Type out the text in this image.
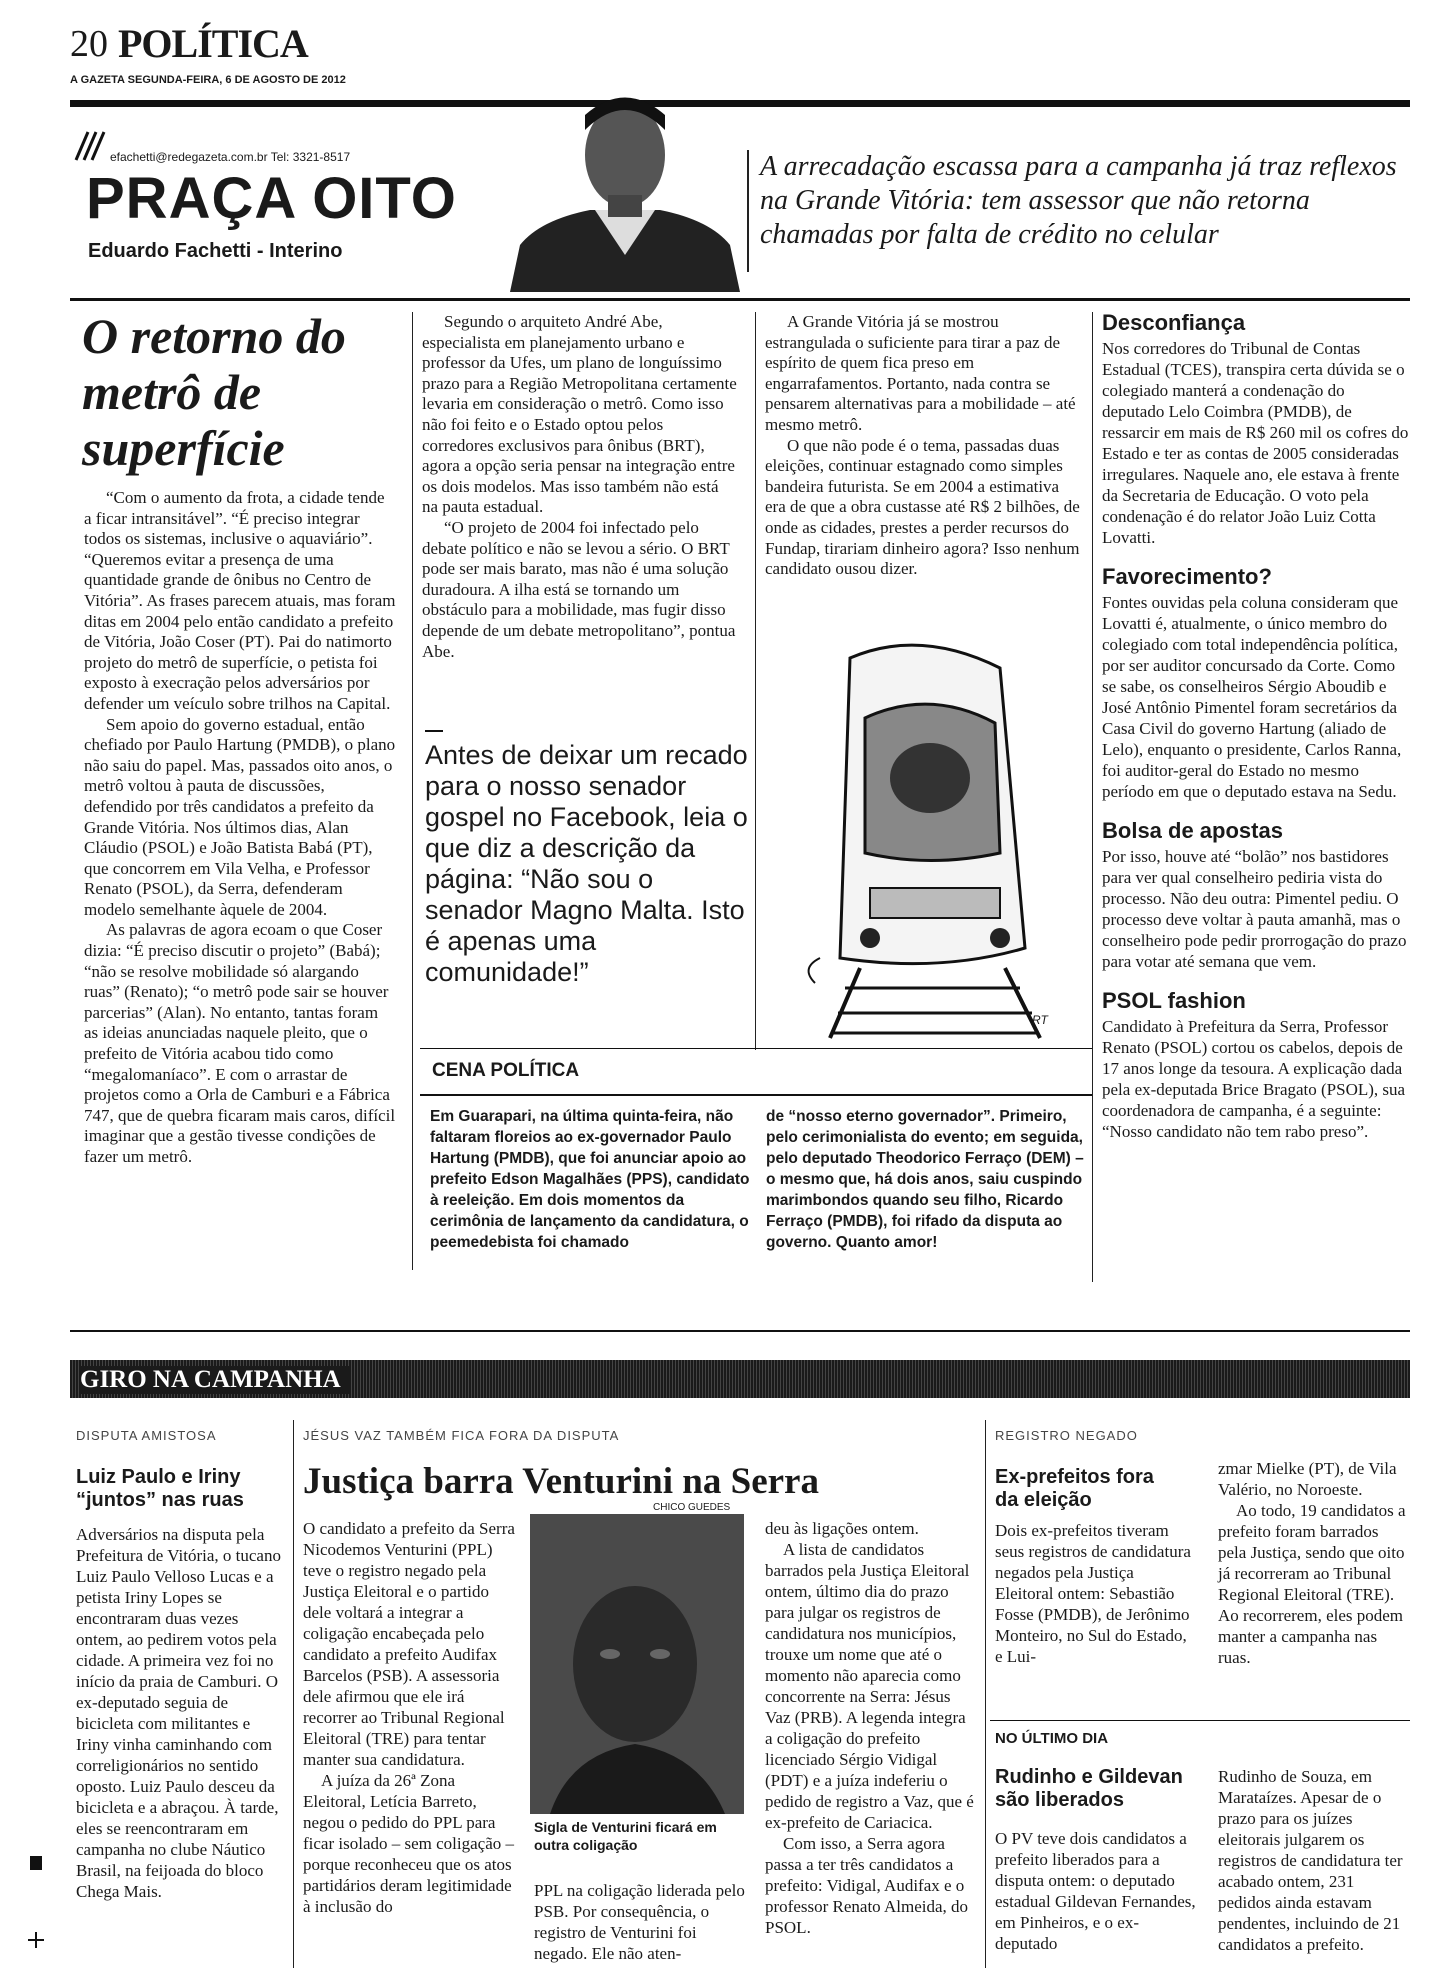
20 POLÍTICA
A GAZETA SEGUNDA-FEIRA, 6 DE AGOSTO DE 2012
efachetti@redegazeta.com.br Tel: 3321-8517
PRAÇA OITO
Eduardo Fachetti - Interino
A arrecadação escassa para a campanha já traz reflexos na Grande Vitória: tem assessor que não retorna chamadas por falta de crédito no celular
O retorno do metrô de superfície

“Com o aumento da frota, a cidade tende a ficar intransitável”. “É preciso integrar todos os sistemas, inclusive o aquaviário”. “Queremos evitar a presença de uma quantidade grande de ônibus no Centro de Vitória”. As frases parecem atuais, mas foram ditas em 2004 pelo então candidato a prefeito de Vitória, João Coser (PT). Pai do natimorto projeto do metrô de superfície, o petista foi exposto à execração pelos adversários por defender um veículo sobre trilhos na Capital.

Sem apoio do governo estadual, então chefiado por Paulo Hartung (PMDB), o plano não saiu do papel. Mas, passados oito anos, o metrô voltou à pauta de discussões, defendido por três candidatos a prefeito da Grande Vitória. Nos últimos dias, Alan Cláudio (PSOL) e João Batista Babá (PT), que concorrem em Vila Velha, e Professor Renato (PSOL), da Serra, defenderam modelo semelhante àquele de 2004.

As palavras de agora ecoam o que Coser dizia: “É preciso discutir o projeto” (Babá); “não se resolve mobilidade só alargando ruas” (Renato); “o metrô pode sair se houver parcerias” (Alan). No entanto, tantas foram as ideias anunciadas naquele pleito, que o prefeito de Vitória acabou tido como “megalomaníaco”. E com o arrastar de projetos como a Orla de Camburi e a Fábrica 747, que de quebra ficaram mais caros, difícil imaginar que a gestão tivesse condições de fazer um metrô.

Segundo o arquiteto André Abe, especialista em planejamento urbano e professor da Ufes, um plano de longuíssimo prazo para a Região Metropolitana certamente levaria em consideração o metrô. Como isso não foi feito e o Estado optou pelos corredores exclusivos para ônibus (BRT), agora a opção seria pensar na integração entre os dois modelos. Mas isso também não está na pauta estadual.

“O projeto de 2004 foi infectado pelo debate político e não se levou a sério. O BRT pode ser mais barato, mas não é uma solução duradoura. A ilha está se tornando um obstáculo para a mobilidade, mas fugir disso depende de um debate metropolitano”, pontua Abe.

Antes de deixar um recado para o nosso senador gospel no Facebook, leia o que diz a descrição da página: “Não sou o senador Magno Malta. Isto é apenas uma comunidade!”

A Grande Vitória já se mostrou estrangulada o suficiente para tirar a paz de espírito de quem fica preso em engarrafamentos. Portanto, nada contra se pensarem alternativas para a mobilidade – até mesmo metrô.

O que não pode é o tema, passadas duas eleições, continuar estagnado como simples bandeira futurista. Se em 2004 a estimativa era de que a obra custasse até R$ 2 bilhões, de onde as cidades, prestes a perder recursos do Fundap, tirariam dinheiro agora? Isso nenhum candidato ousou dizer.

RT
Desconfiança
Nos corredores do Tribunal de Contas Estadual (TCES), transpira certa dúvida se o colegiado manterá a condenação do deputado Lelo Coimbra (PMDB), de ressarcir em mais de R$ 260 mil os cofres do Estado e ter as contas de 2005 consideradas irregulares. Naquele ano, ele estava à frente da Secretaria de Educação. O voto pela condenação é do relator João Luiz Cotta Lovatti.
Favorecimento?
Fontes ouvidas pela coluna consideram que Lovatti é, atualmente, o único membro do colegiado com total independência política, por ser auditor concursado da Corte. Como se sabe, os conselheiros Sérgio Aboudib e José Antônio Pimentel foram secretários da Casa Civil do governo Hartung (aliado de Lelo), enquanto o presidente, Carlos Ranna, foi auditor-geral do Estado no mesmo período em que o deputado estava na Sedu.
Bolsa de apostas
Por isso, houve até “bolão” nos bastidores para ver qual conselheiro pediria vista do processo. Não deu outra: Pimentel pediu. O processo deve voltar à pauta amanhã, mas o conselheiro pode pedir prorrogação do prazo para votar até semana que vem.
PSOL fashion
Candidato à Prefeitura da Serra, Professor Renato (PSOL) cortou os cabelos, depois de 17 anos longe da tesoura. A explicação dada pela ex-deputada Brice Bragato (PSOL), sua coordenadora de campanha, é a seguinte: “Nosso candidato não tem rabo preso”.
CENA POLÍTICA
Em Guarapari, na última quinta-feira, não faltaram floreios ao ex-governador Paulo Hartung (PMDB), que foi anunciar apoio ao prefeito Edson Magalhães (PPS), candidato à reeleição. Em dois momentos da cerimônia de lançamento da candidatura, o peemedebista foi chamado
de “nosso eterno governador”. Primeiro, pelo cerimonialista do evento; em seguida, pelo deputado Theodorico Ferraço (DEM) – o mesmo que, há dois anos, saiu cuspindo marimbondos quando seu filho, Ricardo Ferraço (PMDB), foi rifado da disputa ao governo. Quanto amor!
GIRO NA CAMPANHA
DISPUTA AMISTOSA
Luiz Paulo e Iriny “juntos” nas ruas

Adversários na disputa pela Prefeitura de Vitória, o tucano Luiz Paulo Velloso Lucas e a petista Iriny Lopes se encontraram duas vezes ontem, ao pedirem votos pela cidade. A primeira vez foi no início da praia de Camburi. O ex-deputado seguia de bicicleta com militantes e Iriny vinha caminhando com correligionários no sentido oposto. Luiz Paulo desceu da bicicleta e a abraçou. À tarde, eles se reencontraram em campanha no clube Náutico Brasil, na feijoada do bloco Chega Mais.

JÉSUS VAZ TAMBÉM FICA FORA DA DISPUTA
Justiça barra Venturini na Serra

O candidato a prefeito da Serra Nicodemos Venturini (PPL) teve o registro negado pela Justiça Eleitoral e o partido dele voltará a integrar a coligação encabeçada pelo candidato a prefeito Audifax Barcelos (PSB). A assessoria dele afirmou que ele irá recorrer ao Tribunal Regional Eleitoral (TRE) para tentar manter sua candidatura.

A juíza da 26ª Zona Eleitoral, Letícia Barreto, negou o pedido do PPL para ficar isolado – sem coligação – porque reconheceu que os atos partidários deram legitimidade à inclusão do

CHICO GUEDES
Sigla de Venturini ficará em outra coligação

PPL na coligação liderada pelo PSB. Por consequência, o registro de Venturini foi negado. Ele não aten-

deu às ligações ontem.

A lista de candidatos barrados pela Justiça Eleitoral ontem, último dia do prazo para julgar os registros de candidatura nos municípios, trouxe um nome que até o momento não aparecia como concorrente na Serra: Jésus Vaz (PRB). A legenda integra a coligação do prefeito licenciado Sérgio Vidigal (PDT) e a juíza indeferiu o pedido de registro a Vaz, que é ex-prefeito de Cariacica.

Com isso, a Serra agora passa a ter três candidatos a prefeito: Vidigal, Audifax e o professor Renato Almeida, do PSOL.

REGISTRO NEGADO
Ex-prefeitos fora da eleição
Dois ex-prefeitos tiveram seus registros de candidatura negados pela Justiça Eleitoral ontem: Sebastião Fosse (PMDB), de Jerônimo Monteiro, no Sul do Estado, e Lui-

zmar Mielke (PT), de Vila Valério, no Noroeste.

Ao todo, 19 candidatos a prefeito foram barrados pela Justiça, sendo que oito já recorreram ao Tribunal Regional Eleitoral (TRE). Ao recorrerem, eles podem manter a campanha nas ruas.

NO ÚLTIMO DIA
Rudinho e Gildevan são liberados
O PV teve dois candidatos a prefeito liberados para a disputa ontem: o deputado estadual Gildevan Fernandes, em Pinheiros, e o ex-deputado
Rudinho de Souza, em Marataízes. Apesar de o prazo para os juízes eleitorais julgarem os registros de candidatura ter acabado ontem, 231 pedidos ainda estavam pendentes, incluindo de 21 candidatos a prefeito.
